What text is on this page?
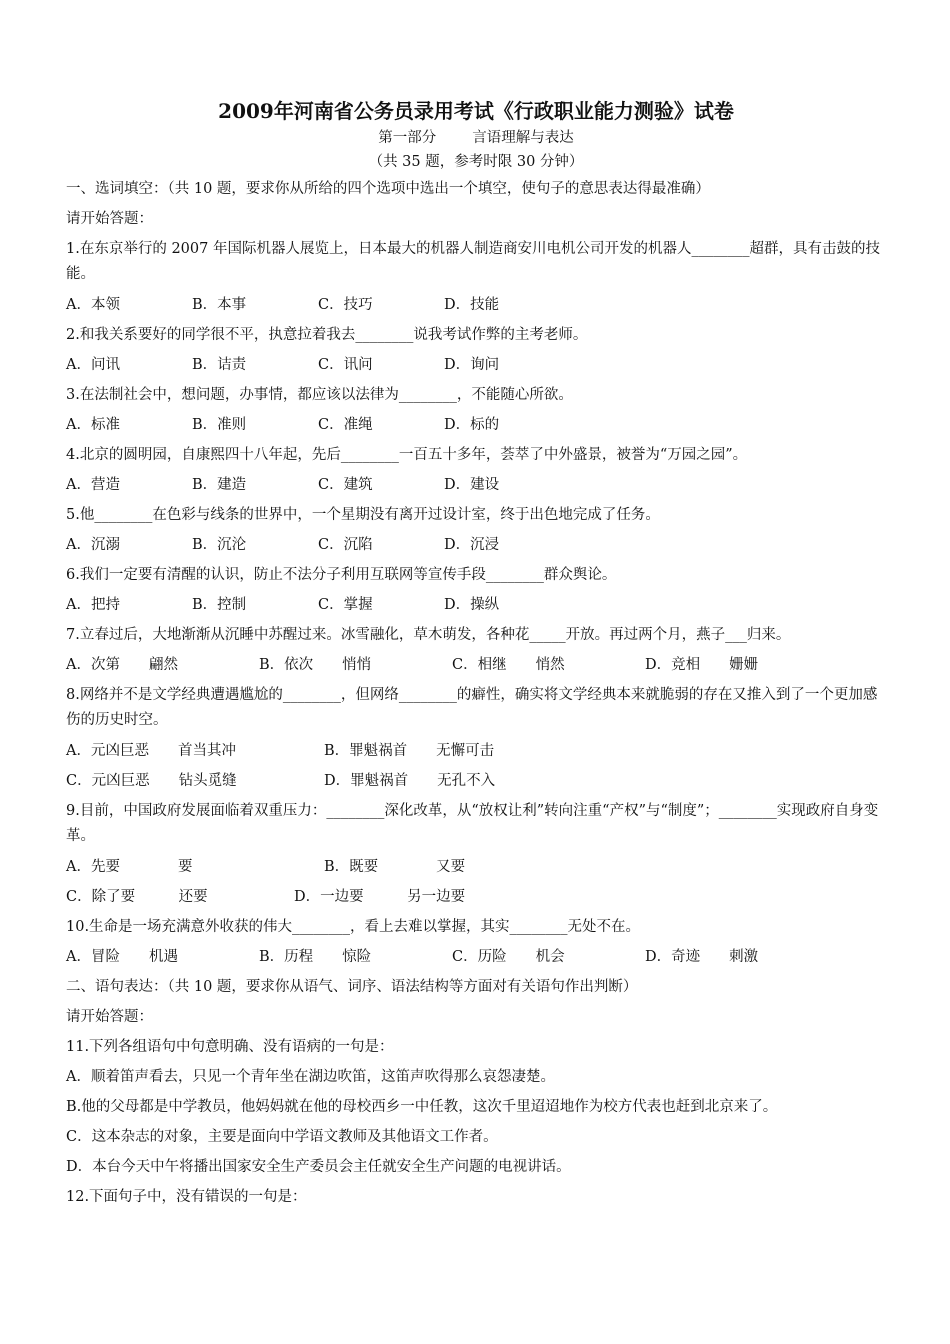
2009年河南省公务员录用考试《行政职业能力测验》试卷
第一部分 言语理解与表达
（共 35 题，参考时限 30 分钟）
一、选词填空：（共 10 题，要求你从所给的四个选项中选出一个填空，使句子的意思表达得最准确）
请开始答题：
1.在东京举行的 2007 年国际机器人展览上，日本最大的机器人制造商安川电机公司开发的机器人________超群，具有击鼓的技能。
A．本领	B．本事	C．技巧	D．技能
2.和我关系要好的同学很不平，执意拉着我去________说我考试作弊的主考老师。
A．问讯	B．诘责	C．讯问	D．询问
3.在法制社会中，想问题，办事情，都应该以法律为________，不能随心所欲。
A．标准	B．准则	C．准绳	D．标的
4.北京的圆明园，自康熙四十八年起，先后________一百五十多年，荟萃了中外盛景，被誉为“万园之园”。
A．营造	B．建造	C．建筑	D．建设
5.他________在色彩与线条的世界中，一个星期没有离开过设计室，终于出色地完成了任务。
A．沉溺	B．沉沦	C．沉陷	D．沉浸
6.我们一定要有清醒的认识，防止不法分子利用互联网等宣传手段________群众舆论。
A．把持	B．控制	C．掌握	D．操纵
7.立春过后，大地渐渐从沉睡中苏醒过来。冰雪融化，草木萌发，各种花_____开放。再过两个月，燕子___归来。
A．次第　　翩然	B．依次　　悄悄	C．相继　　悄然	D．竞相　　姗姗
8.网络并不是文学经典遭遇尴尬的________，但网络________的癖性，确实将文学经典本来就脆弱的存在又推入到了一个更加感伤的历史时空。
A．元凶巨恶　　首当其冲	B．罪魁祸首　　无懈可击
C．元凶巨恶　　钻头觅缝	D．罪魁祸首　　无孔不入
9.目前，中国政府发展面临着双重压力：________深化改革，从“放权让利”转向注重“产权”与“制度”；________实现政府自身变革。
A．先要　　　　要	B．既要　　　　又要
C．除了要　　　还要	D．一边要　　　另一边要
10.生命是一场充满意外收获的伟大________，看上去难以掌握，其实________无处不在。
A．冒险　　机遇	B．历程　　惊险	C．历险　　机会	D．奇迹　　刺激
二、语句表达：（共 10 题，要求你从语气、词序、语法结构等方面对有关语句作出判断）
请开始答题：
11.下列各组语句中句意明确、没有语病的一句是：
A．顺着笛声看去，只见一个青年坐在湖边吹笛，这笛声吹得那么哀怨凄楚。
B.他的父母都是中学教员，他妈妈就在他的母校西乡一中任教，这次千里迢迢地作为校方代表也赶到北京来了。
C．这本杂志的对象，主要是面向中学语文教师及其他语文工作者。
D．本台今天中午将播出国家安全生产委员会主任就安全生产问题的电视讲话。
12.下面句子中，没有错误的一句是：
